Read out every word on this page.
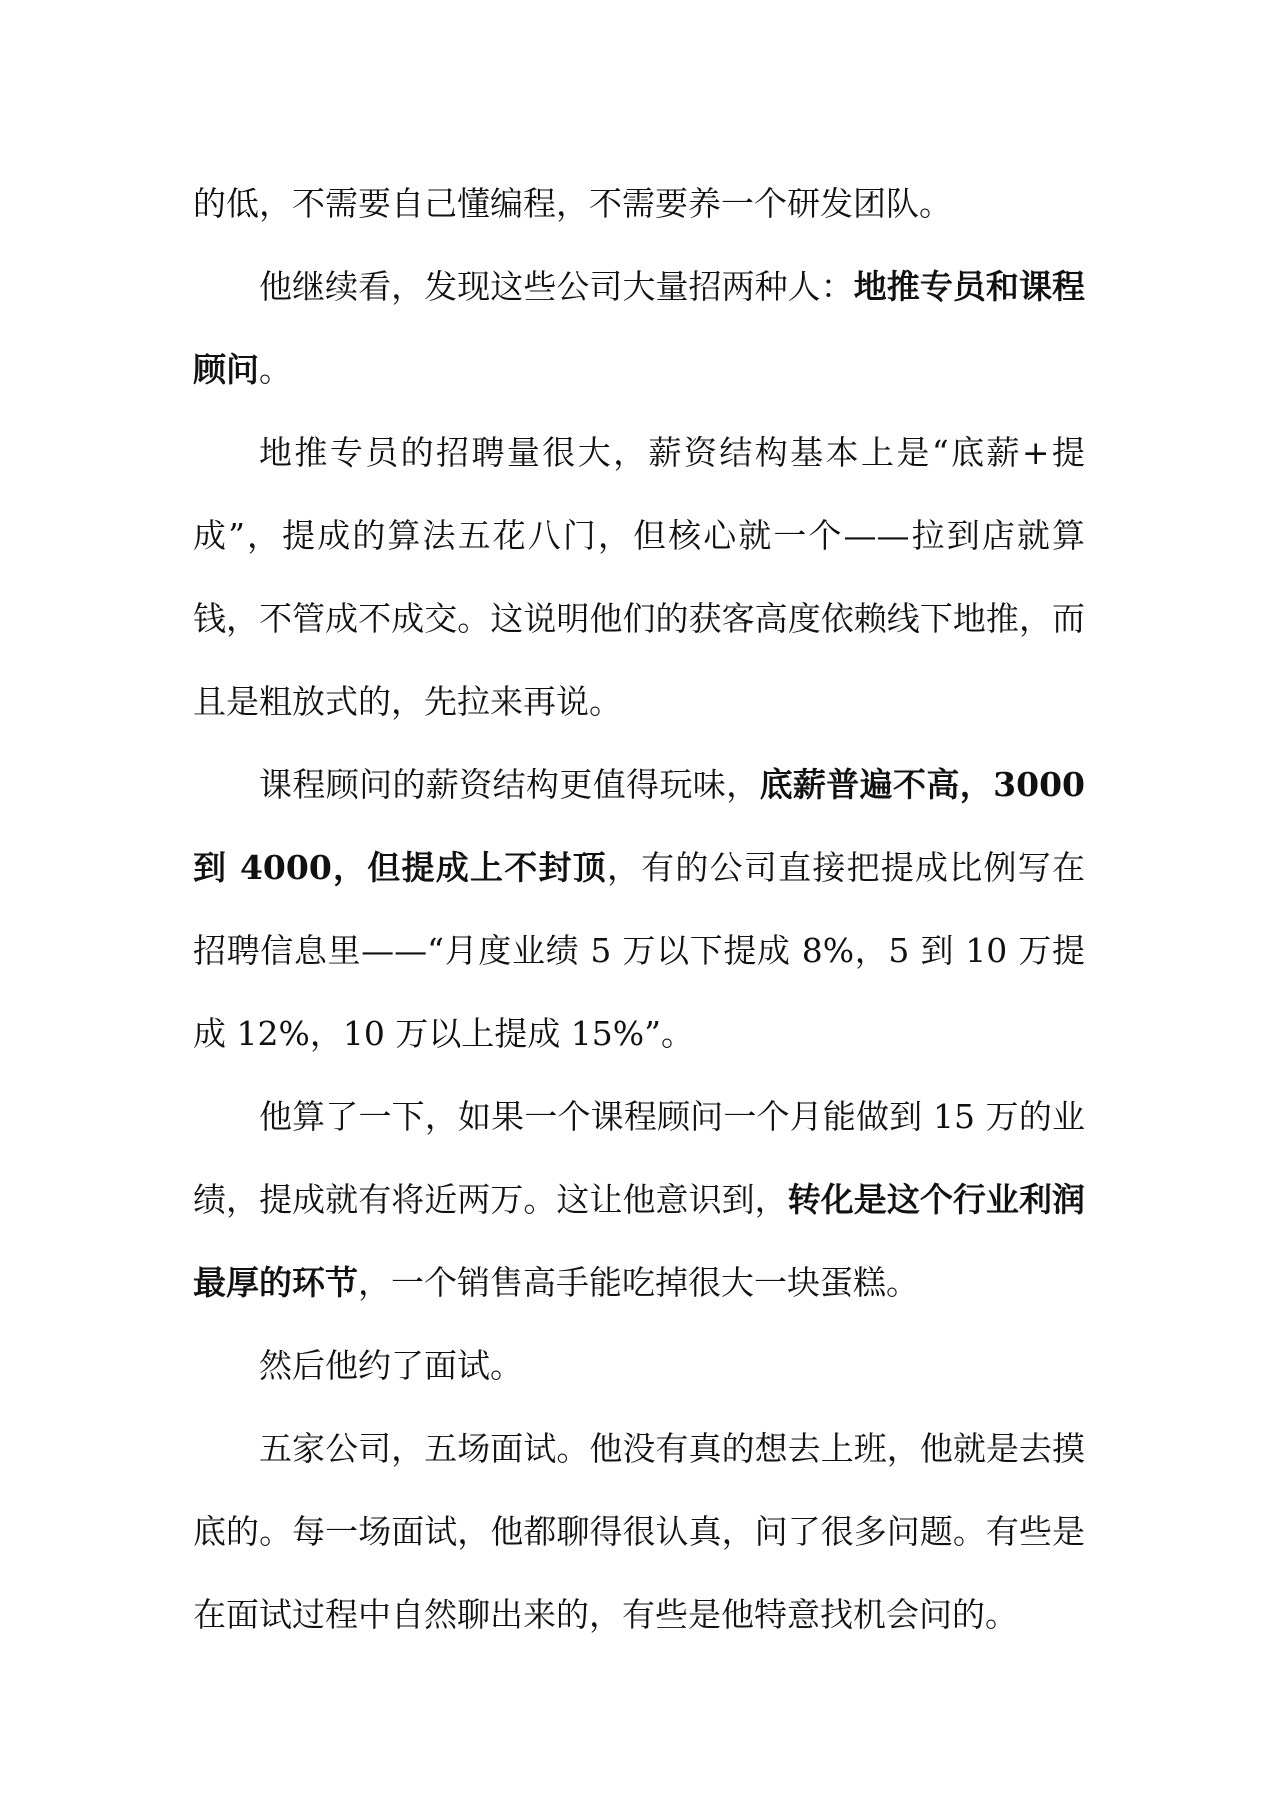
的低，不需要自己懂编程，不需要养一个研发团队。

他继续看，发现这些公司大量招两种人：地推专员和课程顾问。

地推专员的招聘量很大，薪资结构基本上是“底薪+提成”，提成的算法五花八门，但核心就一个——拉到店就算钱，不管成不成交。这说明他们的获客高度依赖线下地推，而且是粗放式的，先拉来再说。

课程顾问的薪资结构更值得玩味，底薪普遍不高，3000 到 4000，但提成上不封顶，有的公司直接把提成比例写在招聘信息里——“月度业绩 5 万以下提成 8%，5 到 10 万提成 12%，10 万以上提成 15%”。

他算了一下，如果一个课程顾问一个月能做到 15 万的业绩，提成就有将近两万。这让他意识到，转化是这个行业利润最厚的环节，一个销售高手能吃掉很大一块蛋糕。

然后他约了面试。

五家公司，五场面试。他没有真的想去上班，他就是去摸底的。每一场面试，他都聊得很认真，问了很多问题。有些是在面试过程中自然聊出来的，有些是他特意找机会问的。
